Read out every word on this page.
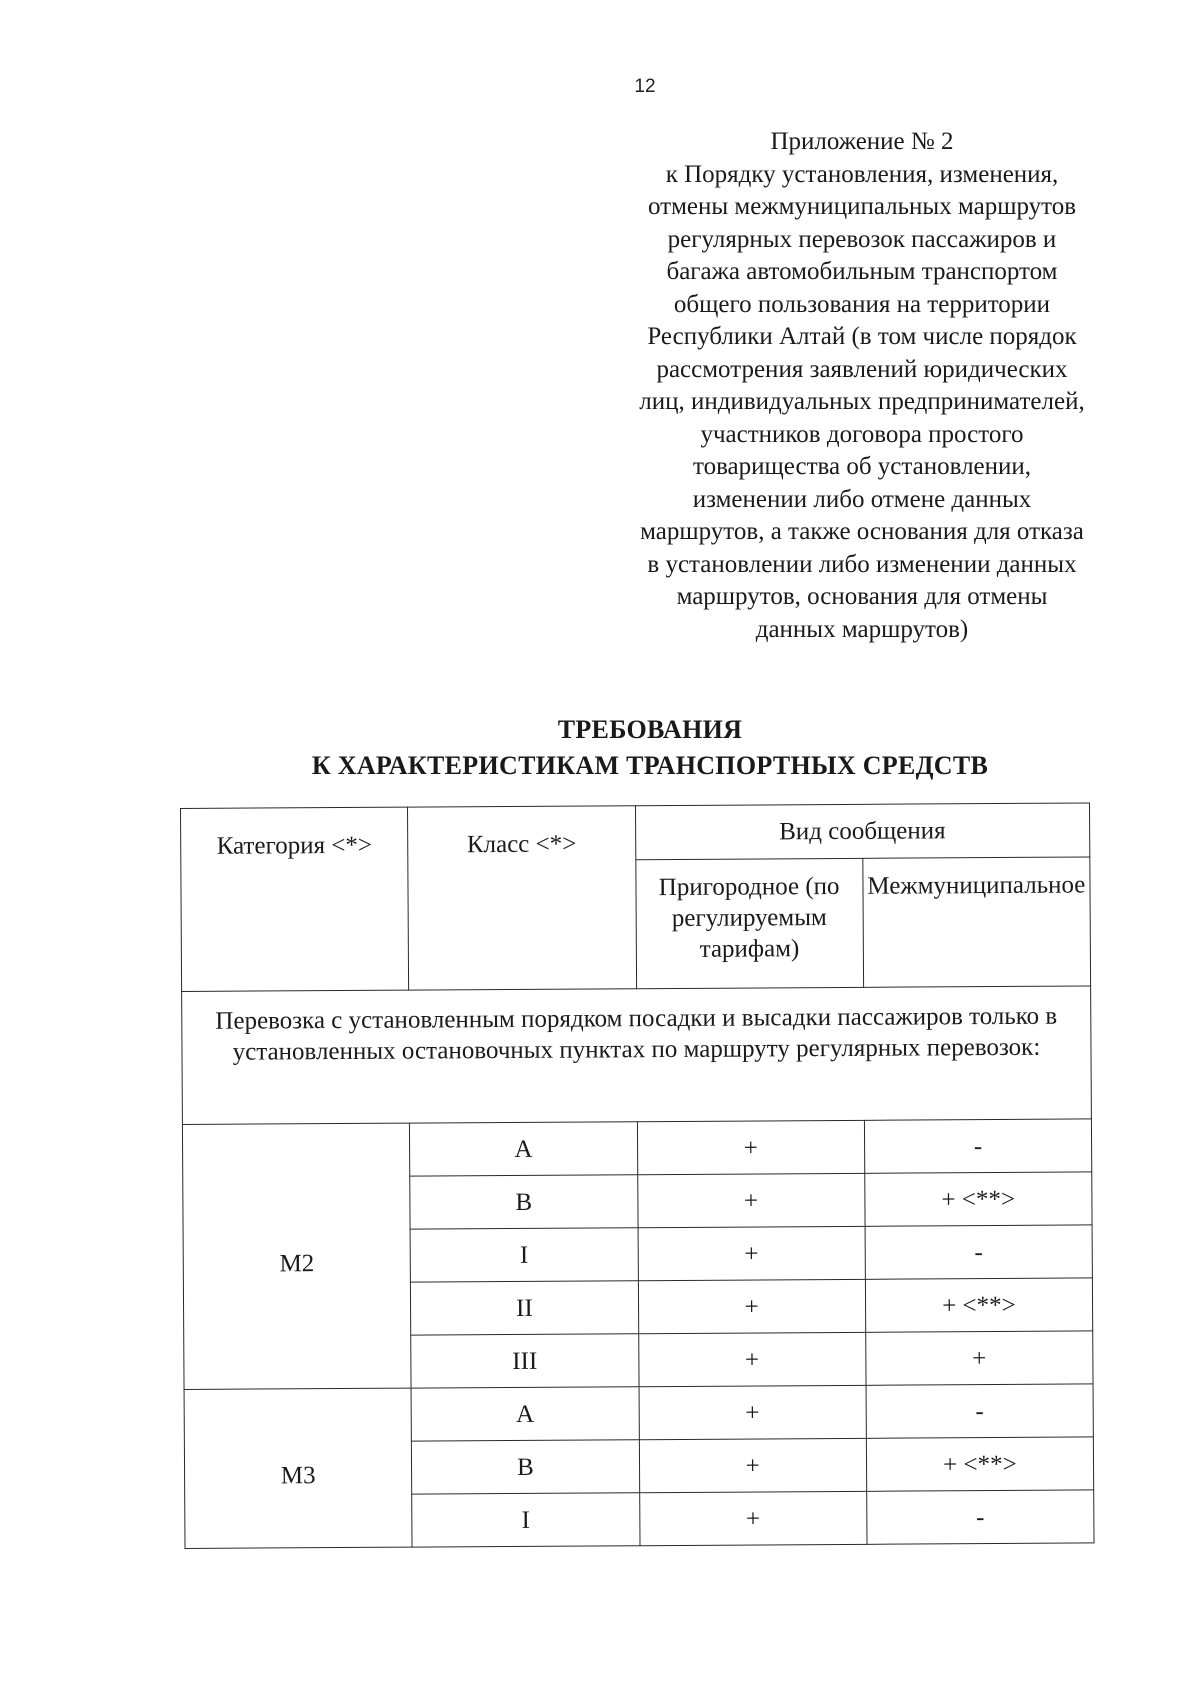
12
Приложение № 2
к Порядку установления, изменения,
отмены межмуниципальных маршрутов
регулярных перевозок пассажиров и
багажа автомобильным транспортом
общего пользования на территории
Республики Алтай (в том числе порядок
рассмотрения заявлений юридических
лиц, индивидуальных предпринимателей,
участников договора простого
товарищества об установлении,
изменении либо отмене данных
маршрутов, а также основания для отказа
в установлении либо изменении данных
маршрутов, основания для отмены
данных маршрутов)
ТРЕБОВАНИЯ
К ХАРАКТЕРИСТИКАМ ТРАНСПОРТНЫХ СРЕДСТВ
Категория <*>	Класс <*>	Вид сообщения	
		Пригородное (по регулируемым тарифам)	Межмуниципальное
Перевозка с установленным порядком посадки и высадки пассажиров только в установленных остановочных пунктах по маршруту регулярных перевозок:			
М2	A	+	-
	B	+	+ <**>
	I	+	-
	II	+	+ <**>
	III	+	+
М3	A	+	-
	B	+	+ <**>
	I	+	-
